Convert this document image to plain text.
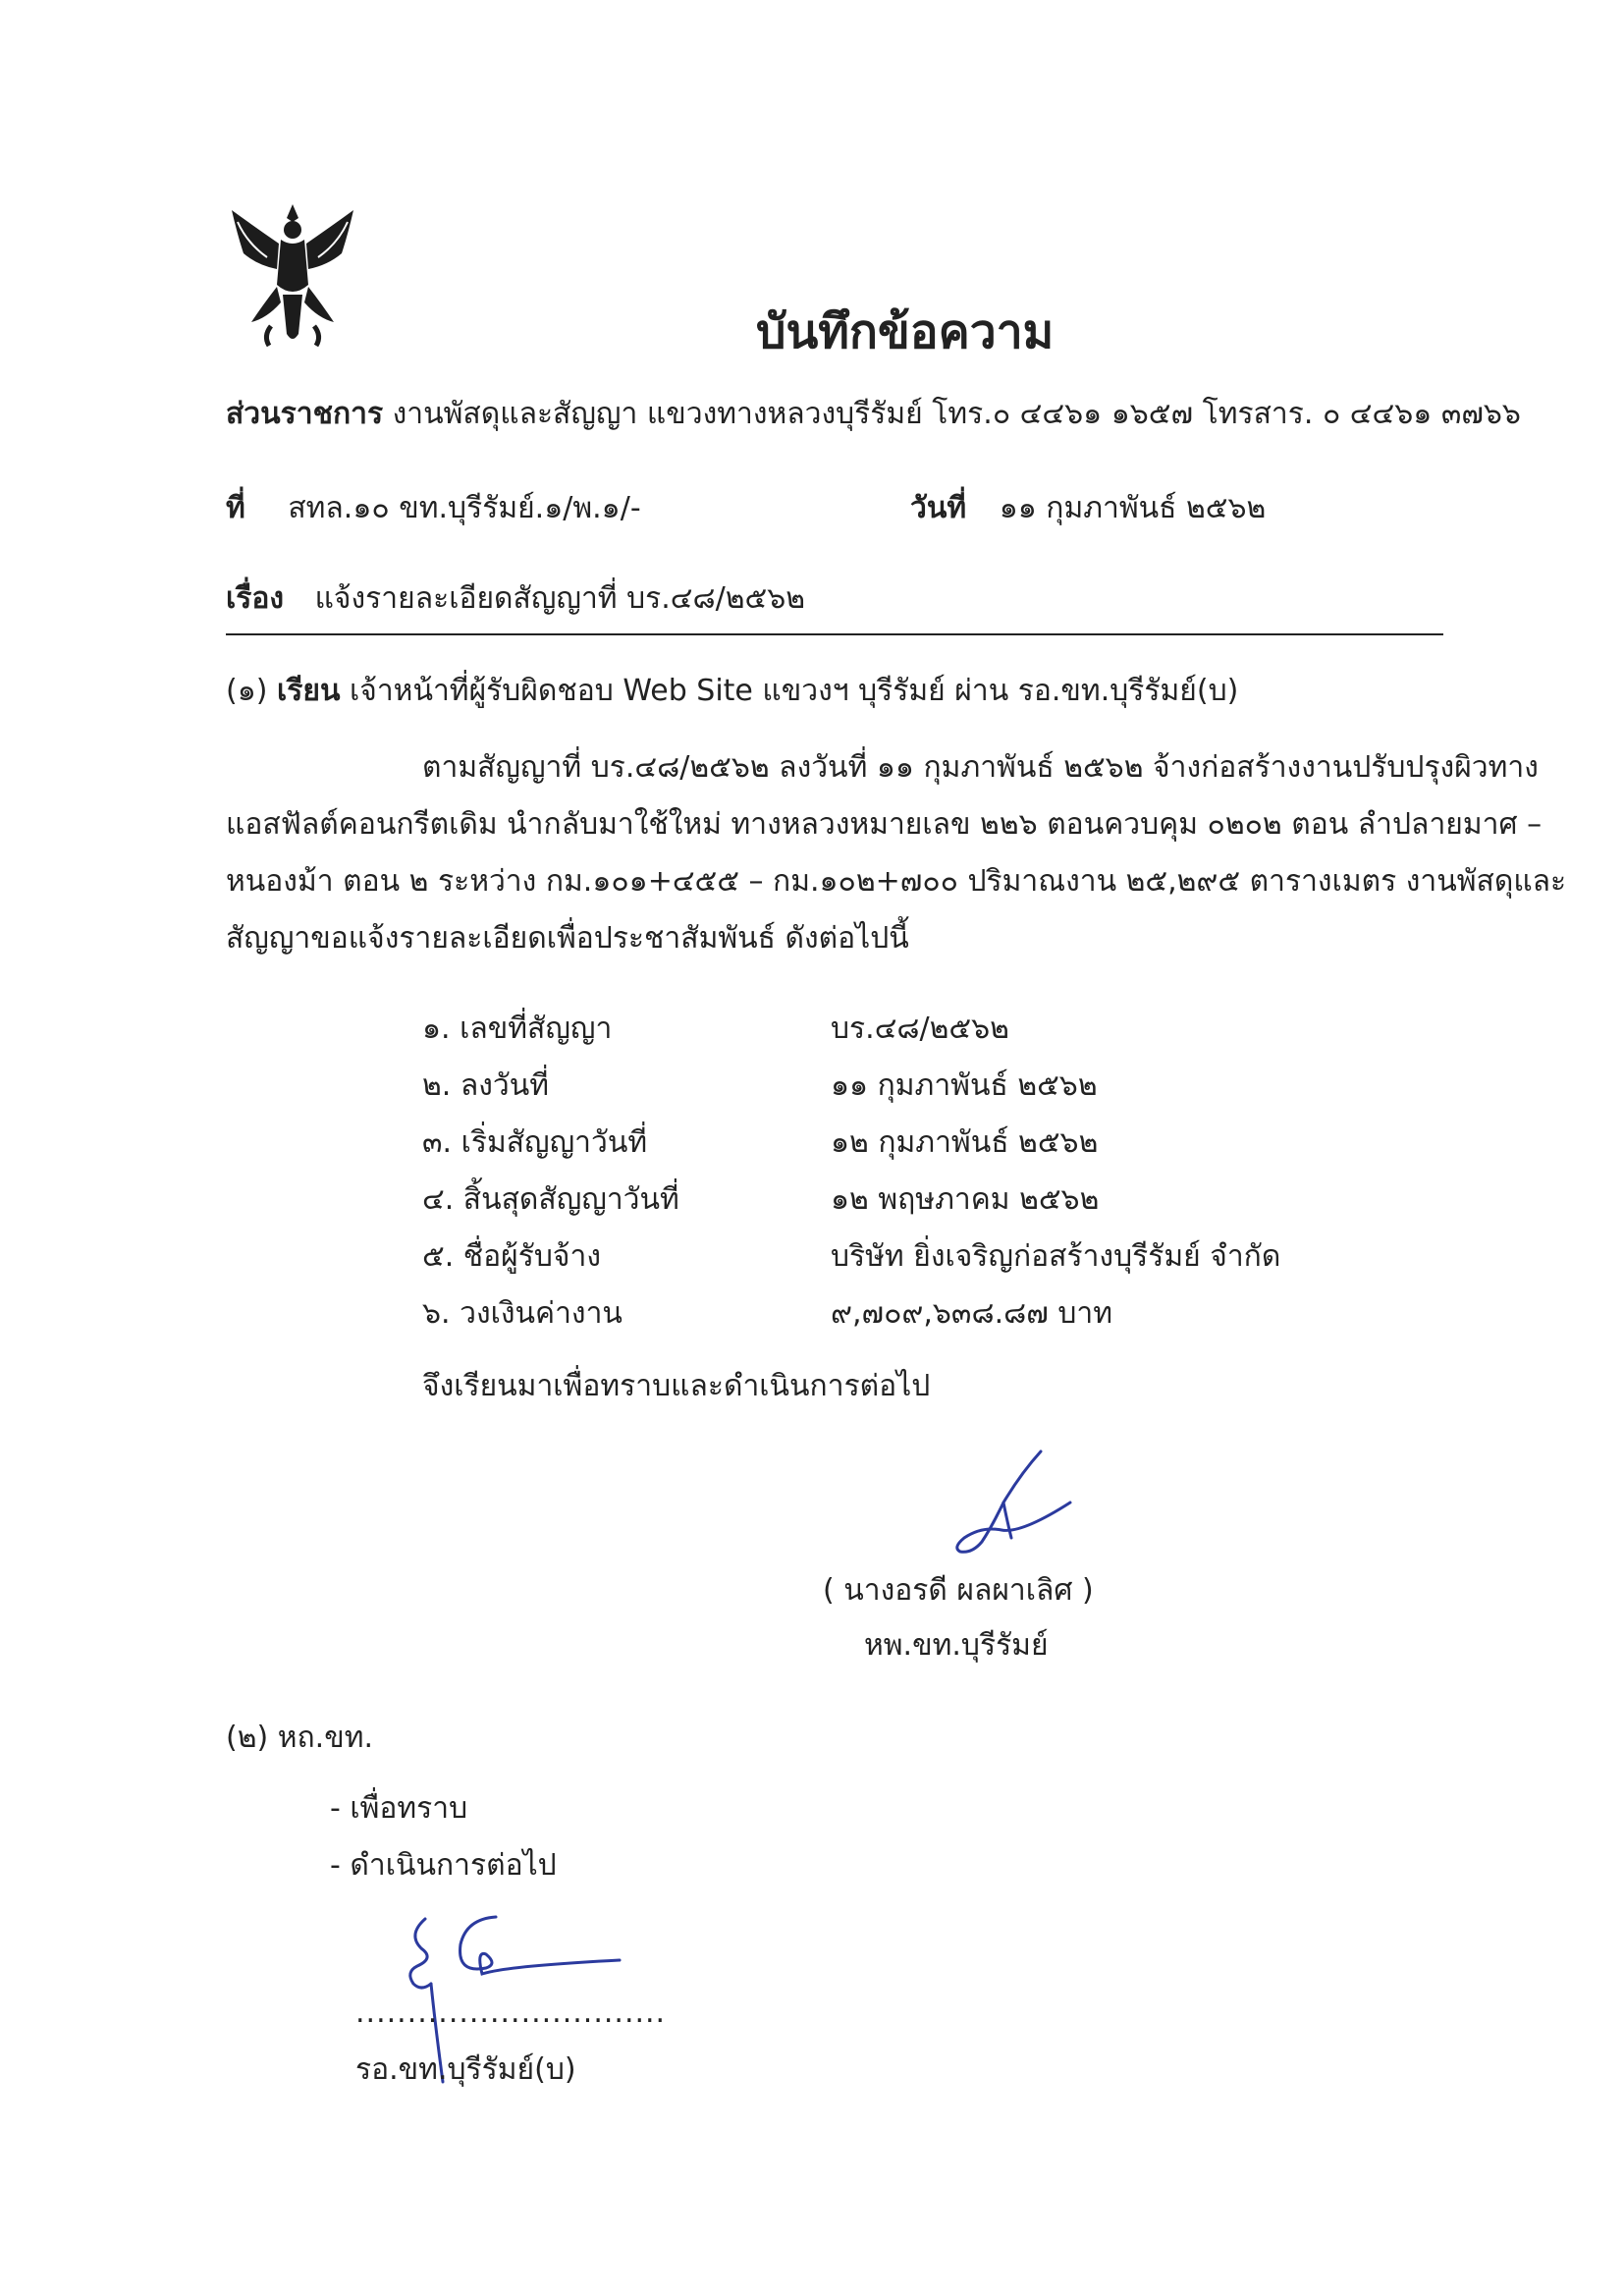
บันทึกข้อความ
ส่วนราชการ งานพัสดุและสัญญา แขวงทางหลวงบุรีรัมย์ โทร.๐ ๔๔๖๑ ๑๖๕๗ โทรสาร. ๐ ๔๔๖๑ ๓๗๖๖
ที่ สทล.๑๐ ขท.บุรีรัมย์.๑/พ.๑/-	วันที่ ๑๑ กุมภาพันธ์ ๒๕๖๒
เรื่อง แจ้งรายละเอียดสัญญาที่ บร.๔๘/๒๕๖๒
(๑) เรียน เจ้าหน้าที่ผู้รับผิดชอบ Web Site แขวงฯ บุรีรัมย์ ผ่าน รอ.ขท.บุรีรัมย์(บ)
ตามสัญญาที่ บร.๔๘/๒๕๖๒ ลงวันที่ ๑๑ กุมภาพันธ์ ๒๕๖๒ จ้างก่อสร้างงานปรับปรุงผิวทาง
แอสฟัลต์คอนกรีตเดิม นำกลับมาใช้ใหม่ ทางหลวงหมายเลข ๒๒๖ ตอนควบคุม ๐๒๐๒ ตอน ลำปลายมาศ –
หนองม้า ตอน ๒ ระหว่าง กม.๑๐๑+๔๕๕ – กม.๑๐๒+๗๐๐ ปริมาณงาน ๒๕,๒๙๕ ตารางเมตร งานพัสดุและ
สัญญาขอแจ้งรายละเอียดเพื่อประชาสัมพันธ์ ดังต่อไปนี้
๑. เลขที่สัญญา	บร.๔๘/๒๕๖๒
๒. ลงวันที่	๑๑ กุมภาพันธ์ ๒๕๖๒
๓. เริ่มสัญญาวันที่	๑๒ กุมภาพันธ์ ๒๕๖๒
๔. สิ้นสุดสัญญาวันที่	๑๒ พฤษภาคม ๒๕๖๒
๕. ชื่อผู้รับจ้าง	บริษัท ยิ่งเจริญก่อสร้างบุรีรัมย์ จำกัด
๖. วงเงินค่างาน	๙,๗๐๙,๖๓๘.๘๗ บาท
จึงเรียนมาเพื่อทราบและดำเนินการต่อไป
( นางอรดี ผลผาเลิศ )
หพ.ขท.บุรีรัมย์
(๒) หถ.ขท.
- เพื่อทราบ
- ดำเนินการต่อไป
..............................
รอ.ขท.บุรีรัมย์(บ)
